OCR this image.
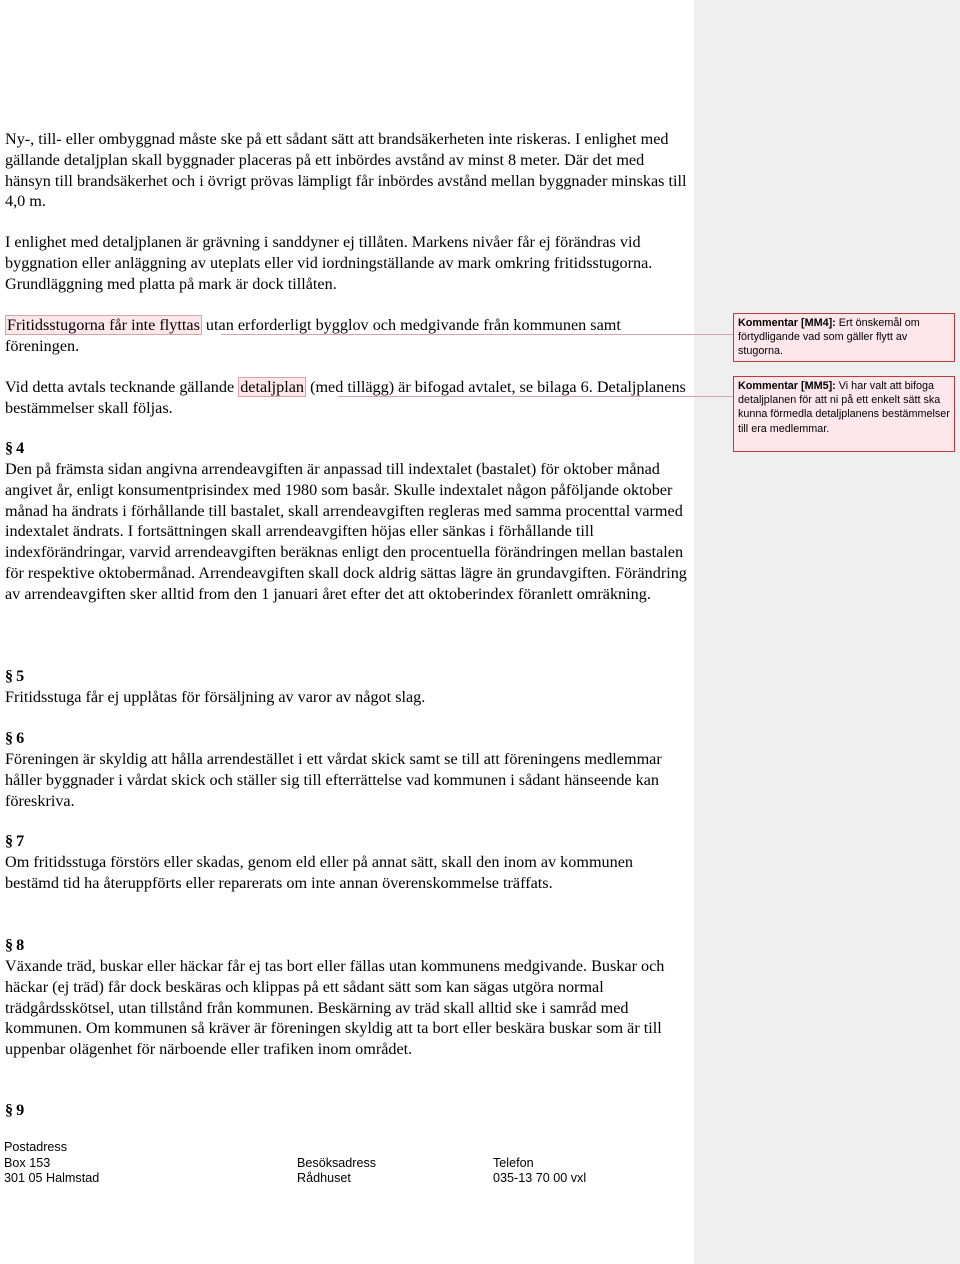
Ny-, till- eller ombyggnad måste ske på ett sådant sätt att brandsäkerheten inte riskeras. I enlighet med gällande detaljplan skall byggnader placeras på ett inbördes avstånd av minst 8 meter. Där det med hänsyn till brandsäkerhet och i övrigt prövas lämpligt får inbördes avstånd mellan byggnader minskas till 4,0 m.

I enlighet med detaljplanen är grävning i sanddyner ej tillåten. Markens nivåer får ej förändras vid byggnation eller anläggning av uteplats eller vid iordningställande av mark omkring fritidsstugorna. Grundläggning med platta på mark är dock tillåten.

Fritidsstugorna får inte flyttas utan erforderligt bygglov och medgivande från kommunen samt föreningen.

Vid detta avtals tecknande gällande detaljplan (med tillägg) är bifogad avtalet, se bilaga 6. Detaljplanens bestämmelser skall följas.

§ 4

Den på främsta sidan angivna arrendeavgiften är anpassad till indextalet (bastalet) för oktober månad angivet år, enligt konsumentprisindex med 1980 som basår. Skulle indextalet någon påföljande oktober månad ha ändrats i förhållande till bastalet, skall arrendeavgiften regleras med samma procenttal varmed indextalet ändrats. I fortsättningen skall arrendeavgiften höjas eller sänkas i förhållande till indexförändringar, varvid arrendeavgiften beräknas enligt den procentuella förändringen mellan bastalen för respektive oktobermånad. Arrendeavgiften skall dock aldrig sättas lägre än grundavgiften. Förändring av arrendeavgiften sker alltid from den 1 januari året efter det att oktoberindex föranlett omräkning.

§ 5

Fritidsstuga får ej upplåtas för försäljning av varor av något slag.

§ 6

Föreningen är skyldig att hålla arrendestället i ett vårdat skick samt se till att föreningens medlemmar håller byggnader i vårdat skick och ställer sig till efterrättelse vad kommunen i sådant hänseende kan föreskriva.

§ 7

Om fritidsstuga förstörs eller skadas, genom eld eller på annat sätt, skall den inom av kommunen bestämd tid ha återuppförts eller reparerats om inte annan överenskommelse träffats.

§ 8

Växande träd, buskar eller häckar får ej tas bort eller fällas utan kommunens medgivande. Buskar och häckar (ej träd) får dock beskäras och klippas på ett sådant sätt som kan sägas utgöra normal trädgårdsskötsel, utan tillstånd från kommunen. Beskärning av träd skall alltid ske i samråd med kommunen. Om kommunen så kräver är föreningen skyldig att ta bort eller beskära buskar som är till uppenbar olägenhet för närboende eller trafiken inom området.

§ 9
Postadress
Box 153
301 05 Halmstad
Besöksadress
Rådhuset
Telefon
035-13 70 00 vxl
Kommentar [MM4]: Ert önskemål om förtydligande vad som gäller flytt av stugorna.
Kommentar [MM5]: Vi har valt att bifoga detaljplanen för att ni på ett enkelt sätt ska kunna förmedla detaljplanens bestämmelser till era medlemmar.
